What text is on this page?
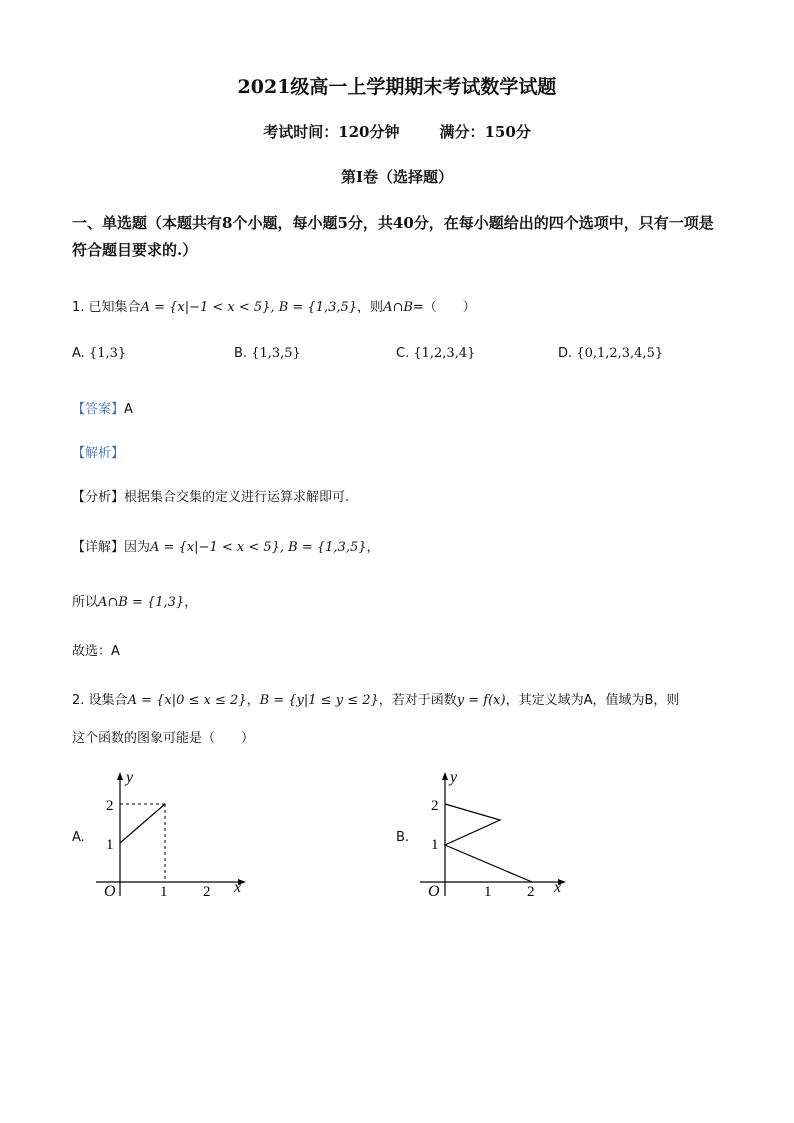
2021级高一上学期期末考试数学试题
考试时间：120分钟	满分：150分
第Ⅰ卷（选择题）
一、单选题（本题共有8个小题，每小题5分，共40分，在每小题给出的四个选项中，只有一项是符合题目要求的.）
1. 已知集合A = {x|−1 < x < 5}, B = {1,3,5}，则A∩B=（　　）
A. {1,3}	B. {1,3,5}	C. {1,2,3,4}	D. {0,1,2,3,4,5}
【答案】A
【解析】
【分析】根据集合交集的定义进行运算求解即可.
【详解】因为A = {x|−1 < x < 5}, B = {1,3,5}，
所以A∩B = {1,3}，
故选：A
2. 设集合A = {x|0 ≤ x ≤ 2}，B = {y|1 ≤ y ≤ 2}，若对于函数y = f(x)，其定义域为A，值域为B，则
这个函数的图象可能是（　　）
A.
y
x
O	1 2
1
2
B.
y
x
O	1 2
1
2
